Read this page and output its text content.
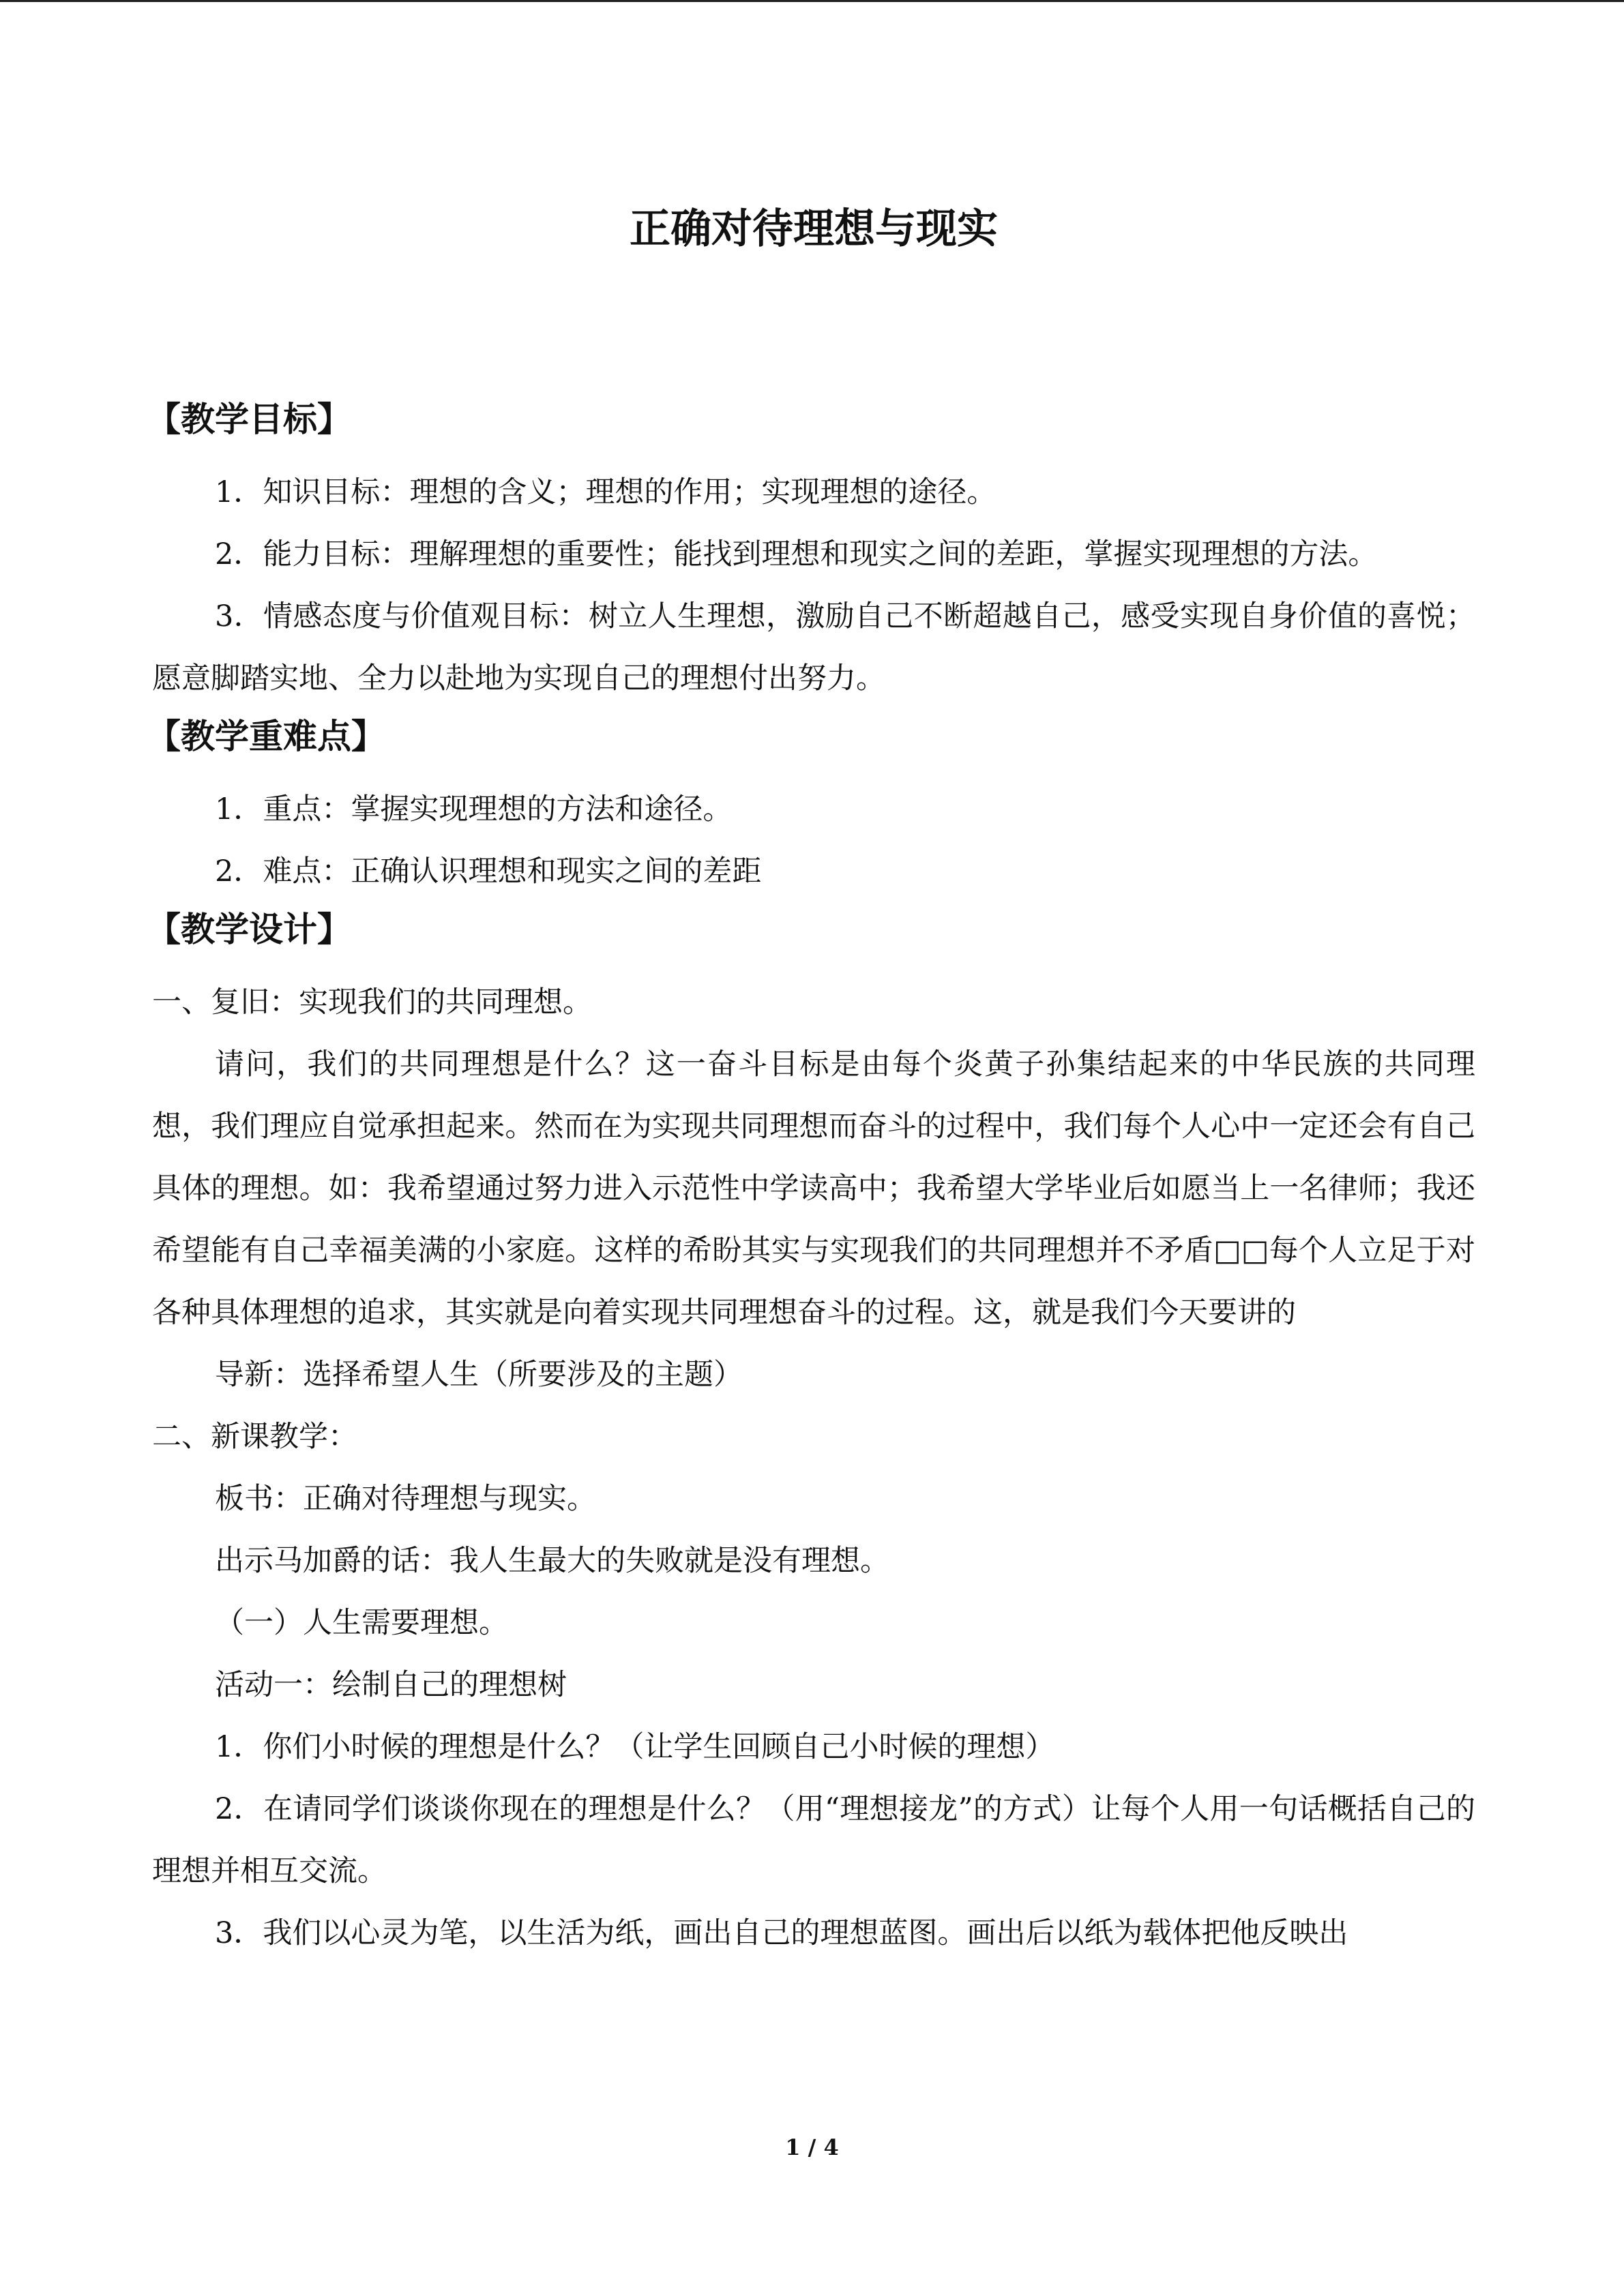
正确对待理想与现实
【教学目标】

1．知识目标：理想的含义；理想的作用；实现理想的途径。

2．能力目标：理解理想的重要性；能找到理想和现实之间的差距，掌握实现理想的方法。

3．情感态度与价值观目标：树立人生理想，激励自己不断超越自己，感受实现自身价值的喜悦；愿意脚踏实地、全力以赴地为实现自己的理想付出努力。

【教学重难点】

1．重点：掌握实现理想的方法和途径。

2．难点：正确认识理想和现实之间的差距

【教学设计】

一、复旧：实现我们的共同理想。

请问，我们的共同理想是什么？这一奋斗目标是由每个炎黄子孙集结起来的中华民族的共同理想，我们理应自觉承担起来。然而在为实现共同理想而奋斗的过程中，我们每个人心中一定还会有自己具体的理想。如：我希望通过努力进入示范性中学读高中；我希望大学毕业后如愿当上一名律师；我还希望能有自己幸福美满的小家庭。这样的希盼其实与实现我们的共同理想并不矛盾□□每个人立足于对各种具体理想的追求，其实就是向着实现共同理想奋斗的过程。这，就是我们今天要讲的

导新：选择希望人生（所要涉及的主题）

二、新课教学：

板书：正确对待理想与现实。

出示马加爵的话：我人生最大的失败就是没有理想。

（一）人生需要理想。

活动一：绘制自己的理想树

1．你们小时候的理想是什么？（让学生回顾自己小时候的理想）

2．在请同学们谈谈你现在的理想是什么？（用“理想接龙”的方式）让每个人用一句话概括自己的理想并相互交流。

3．我们以心灵为笔，以生活为纸，画出自己的理想蓝图。画出后以纸为载体把他反映出

1 / 4
